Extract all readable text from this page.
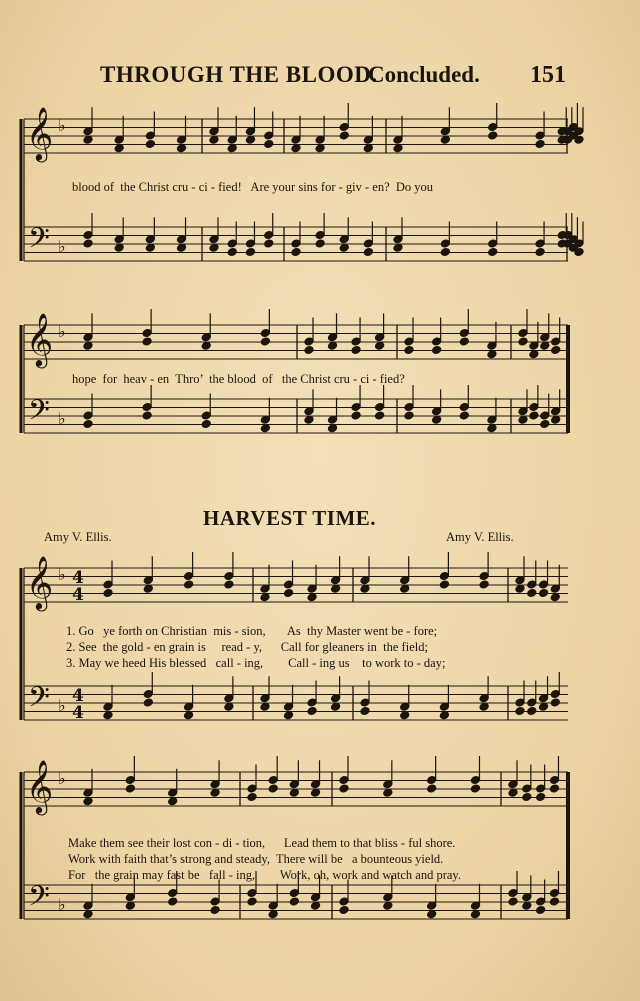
THROUGH THE BLOOD.
Concluded. 151
𝄞
𝄢
♭
♭
𝄞
𝄢
♭
♭
𝄞
𝄢
♭
♭
4
4
4
4
𝄞
𝄢
♭
♭
blood of  the Christ cru - ci - fied!   Are your sins for - giv - en?  Do you
hope  for  heav - en  Thro’  the blood  of   the Christ cru - ci - fied?
HARVEST TIME.
Amy V. Ellis.	Amy V. Ellis.
1. Go   ye forth on Christian  mis - sion,       As  thy Master went be - fore;
2. See  the gold - en grain is     read - y,      Call for gleaners in  the field;
3. May we heed His blessed   call - ing,        Call - ing us    to work to - day;
Make them see their lost con - di - tion,      Lead them to that bliss - ful shore.
Work with faith that’s strong and steady,  There will be   a bounteous yield.
For   the grain may fast be   fall - ing,        Work, oh, work and watch and pray.
